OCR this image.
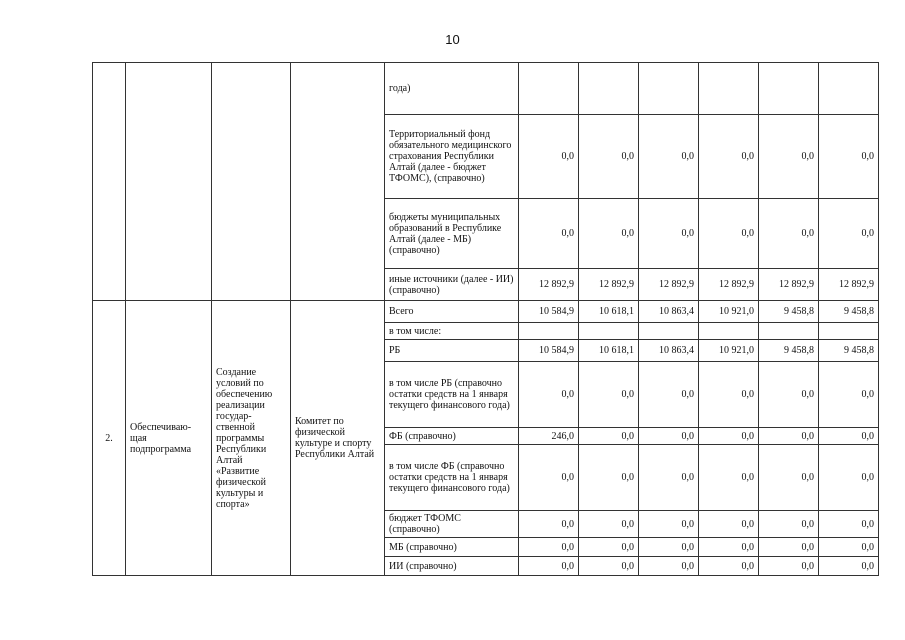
10
				года)						
				Территориальный фонд обязательного медицинского страхования Республики Алтай (далее - бюджет ТФОМС), (справочно)	0,0	0,0	0,0	0,0	0,0	0,0
				бюджеты муниципальных образований в Республике Алтай (далее - МБ) (справочно)	0,0	0,0	0,0	0,0	0,0	0,0
				иные источники (далее - ИИ) (справочно)	12 892,9	12 892,9	12 892,9	12 892,9	12 892,9	12 892,9
2.	Обеспечиваю-щая подпрограмма	Создание условий по обеспечению реализации государ-ственной программы Республики Алтай «Развитие физической культуры и спорта»	Комитет по физической культуре и спорту Республики Алтай	Всего	10 584,9	10 618,1	10 863,4	10 921,0	9 458,8	9 458,8
				в том числе:						
				РБ	10 584,9	10 618,1	10 863,4	10 921,0	9 458,8	9 458,8
				в том числе РБ (справочно остатки средств на 1 января текущего финансового года)	0,0	0,0	0,0	0,0	0,0	0,0
				ФБ (справочно)	246,0	0,0	0,0	0,0	0,0	0,0
				в том числе ФБ (справочно остатки средств на 1 января текущего финансового года)	0,0	0,0	0,0	0,0	0,0	0,0
				бюджет ТФОМС (справочно)	0,0	0,0	0,0	0,0	0,0	0,0
				МБ (справочно)	0,0	0,0	0,0	0,0	0,0	0,0
				ИИ (справочно)	0,0	0,0	0,0	0,0	0,0	0,0
